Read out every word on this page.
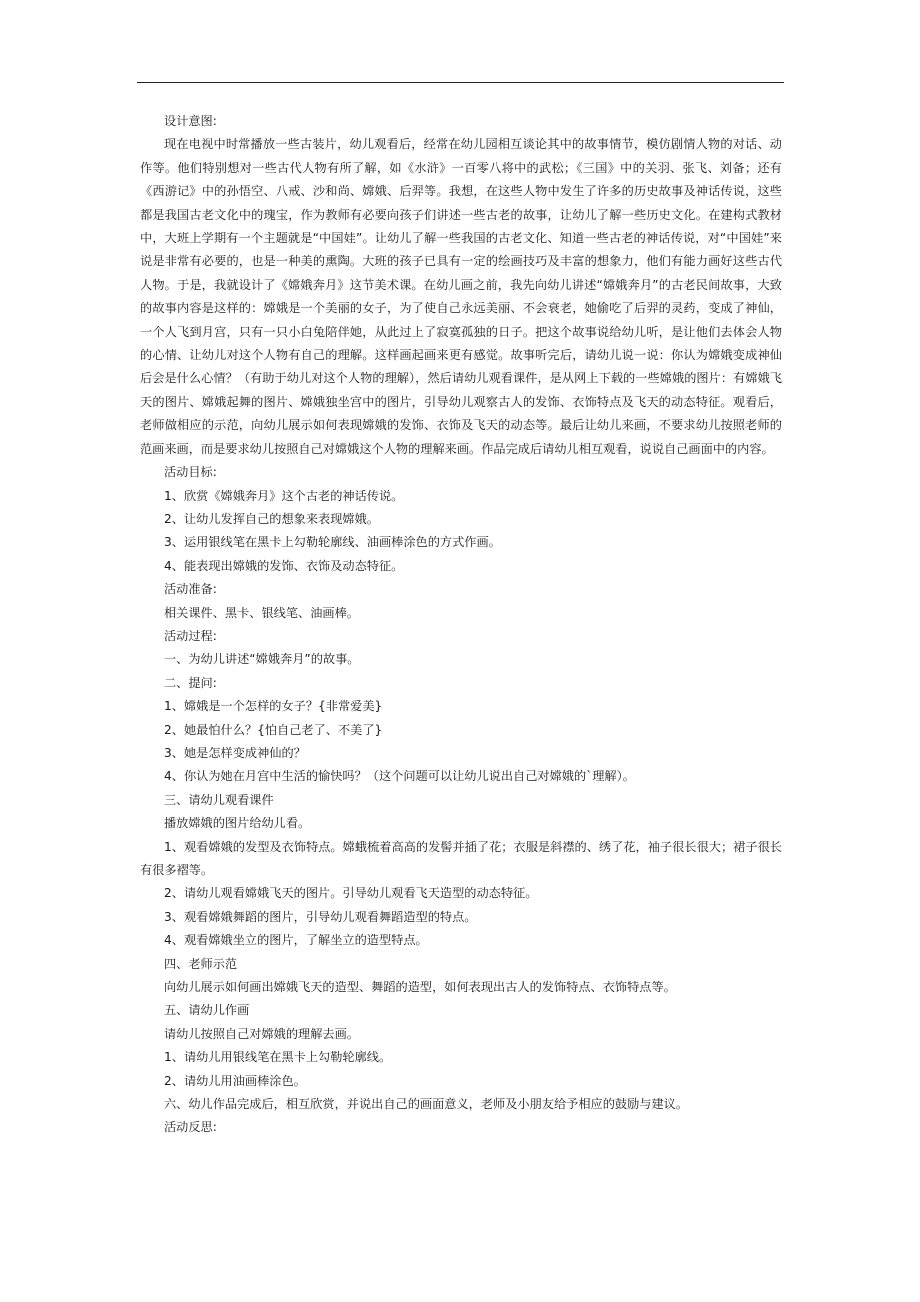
设计意图:

现在电视中时常播放一些古装片，幼儿观看后，经常在幼儿园相互谈论其中的故事情节，模仿剧情人物的对话、动作等。他们特别想对一些古代人物有所了解，如《水浒》一百零八将中的武松；《三国》中的关羽、张飞、刘备；还有《西游记》中的孙悟空、八戒、沙和尚、嫦娥、后羿等。我想，在这些人物中发生了许多的历史故事及神话传说，这些都是我国古老文化中的瑰宝，作为教师有必要向孩子们讲述一些古老的故事，让幼儿了解一些历史文化。在建构式教材中，大班上学期有一个主题就是“中国娃”。让幼儿了解一些我国的古老文化、知道一些古老的神话传说，对“中国娃”来说是非常有必要的，也是一种美的熏陶。大班的孩子已具有一定的绘画技巧及丰富的想象力，他们有能力画好这些古代人物。于是，我就设计了《嫦娥奔月》这节美术课。在幼儿画之前，我先向幼儿讲述“嫦娥奔月”的古老民间故事，大致的故事内容是这样的：嫦娥是一个美丽的女子，为了使自己永远美丽、不会衰老，她偷吃了后羿的灵药，变成了神仙，一个人飞到月宫，只有一只小白兔陪伴她，从此过上了寂寞孤独的日子。把这个故事说给幼儿听，是让他们去体会人物的心情、让幼儿对这个人物有自己的理解。这样画起画来更有感觉。故事听完后，请幼儿说一说：你认为嫦娥变成神仙后会是什么心情？（有助于幼儿对这个人物的理解），然后请幼儿观看课件，是从网上下载的一些嫦娥的图片：有嫦娥飞天的图片、嫦娥起舞的图片、嫦娥独坐宫中的图片，引导幼儿观察古人的发饰、衣饰特点及飞天的动态特征。观看后，老师做相应的示范，向幼儿展示如何表现嫦娥的发饰、衣饰及飞天的动态等。最后让幼儿来画，不要求幼儿按照老师的范画来画，而是要求幼儿按照自己对嫦娥这个人物的理解来画。作品完成后请幼儿相互观看，说说自己画面中的内容。

活动目标:

1、欣赏《嫦娥奔月》这个古老的神话传说。

2、让幼儿发挥自己的想象来表现嫦娥。

3、运用银线笔在黑卡上勾勒轮廓线、油画棒涂色的方式作画。

4、能表现出嫦娥的发饰、衣饰及动态特征。

活动准备:

相关课件、黑卡、银线笔、油画棒。

活动过程:

一、为幼儿讲述“嫦娥奔月”的故事。

二、提问:

1、嫦娥是一个怎样的女子？{非常爱美}

2、她最怕什么？{怕自己老了、不美了}

3、她是怎样变成神仙的？

4、你认为她在月宫中生活的愉快吗？（这个问题可以让幼儿说出自己对嫦娥的`理解）。

三、请幼儿观看课件

播放嫦娥的图片给幼儿看。

1、观看嫦娥的发型及衣饰特点。嫦蛾梳着高高的发髻并插了花；衣服是斜襟的、绣了花，袖子很长很大；裙子很长有很多褶等。

2、请幼儿观看嫦娥飞天的图片。引导幼儿观看飞天造型的动态特征。

3、观看嫦娥舞蹈的图片，引导幼儿观看舞蹈造型的特点。

4、观看嫦娥坐立的图片，了解坐立的造型特点。

四、老师示范

向幼儿展示如何画出嫦娥飞天的造型、舞蹈的造型，如何表现出古人的发饰特点、衣饰特点等。

五、请幼儿作画

请幼儿按照自己对嫦娥的理解去画。

1、请幼儿用银线笔在黑卡上勾勒轮廓线。

2、请幼儿用油画棒涂色。

六、幼儿作品完成后，相互欣赏，并说出自己的画面意义，老师及小朋友给予相应的鼓励与建议。

活动反思:
